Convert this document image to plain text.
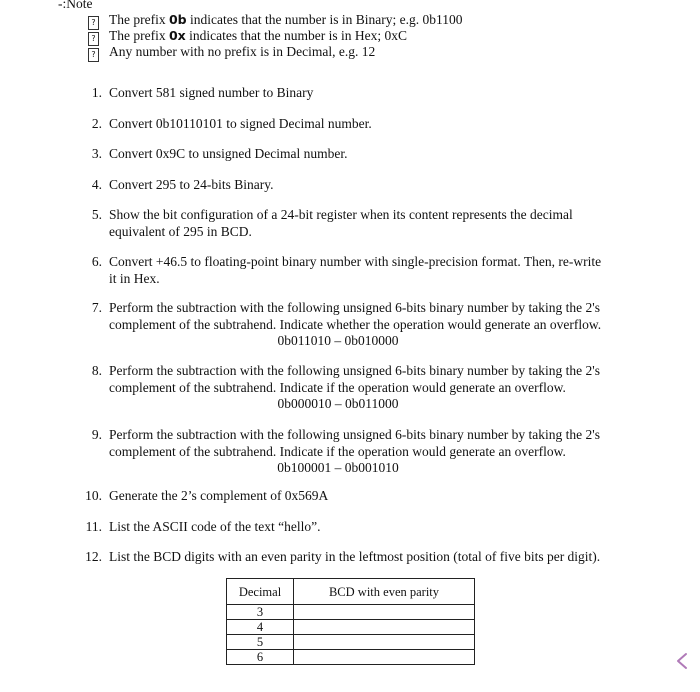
-:Note
? The prefix 0b indicates that the number is in Binary; e.g. 0b1100
? The prefix 0x indicates that the number is in Hex; 0xC
? Any number with no prefix is in Decimal, e.g. 12
1. Convert 581 signed number to Binary
2. Convert 0b10110101 to signed Decimal number.
3. Convert 0x9C to unsigned Decimal number.
4. Convert 295 to 24-bits Binary.
5. Show the bit configuration of a 24-bit register when its content represents the decimal
equivalent of 295 in BCD.
6. Convert +46.5 to floating-point binary number with single-precision format. Then, re-write
it in Hex.
7. Perform the subtraction with the following unsigned 6-bits binary number by taking the 2's
complement of the subtrahend. Indicate whether the operation would generate an overflow.
0b011010 – 0b010000
8. Perform the subtraction with the following unsigned 6-bits binary number by taking the 2's
complement of the subtrahend. Indicate if the operation would generate an overflow.
0b000010 – 0b011000
9. Perform the subtraction with the following unsigned 6-bits binary number by taking the 2's
complement of the subtrahend. Indicate if the operation would generate an overflow.
0b100001 – 0b001010
10. Generate the 2’s complement of 0x569A
11. List the ASCII code of the text “hello”.
12. List the BCD digits with an even parity in the leftmost position (total of five bits per digit).
Decimal	BCD with even parity
3	
4	
5	
6	
